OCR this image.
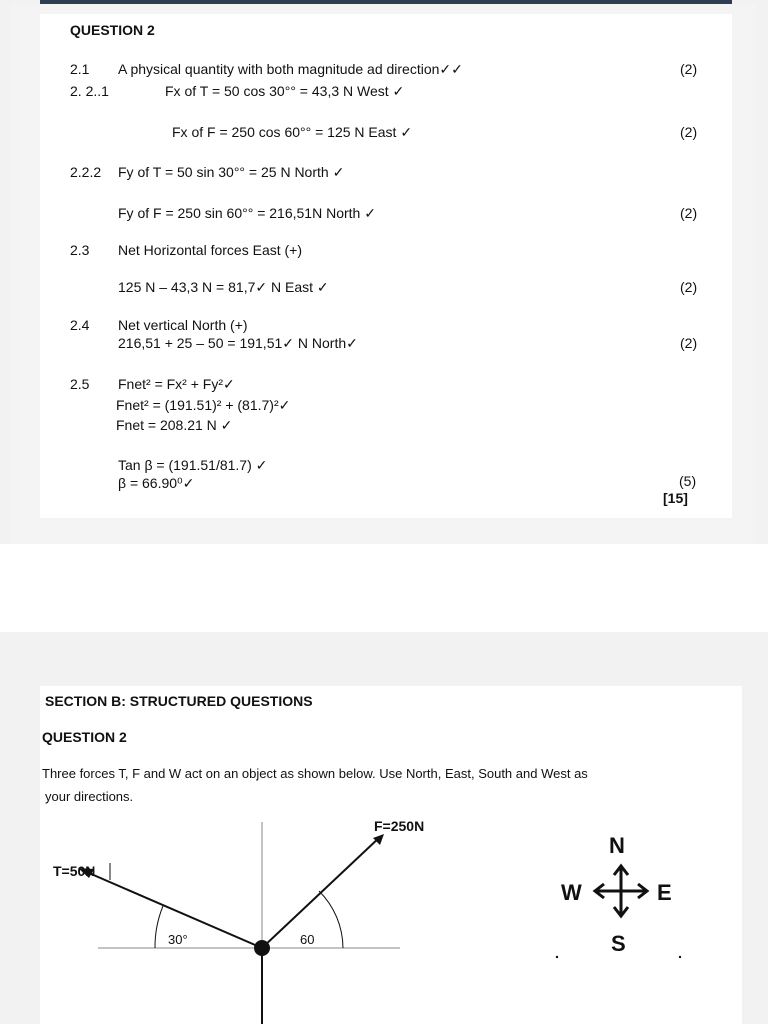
QUESTION 2
2.1 A physical quantity with both magnitude ad direction✓✓	(2)
2. 2..1	Fx of T = 50 cos 30°° = 43,3 N West ✓
Fx of F = 250 cos 60°° = 125 N East ✓	(2)
2.2.2 Fy of T = 50 sin 30°° = 25 N North ✓
Fy of F = 250 sin 60°° = 216,51N North ✓	(2)
2.3 Net Horizontal forces East (+)
125 N – 43,3 N = 81,7✓ N East ✓	(2)
2.4 Net vertical North (+)
216,51 + 25 – 50 = 191,51✓ N North✓	(2)
2.5 Fnet² = Fx² + Fy²✓
Fnet² = (191.51)² + (81.7)²✓
Fnet = 208.21 N ✓
Tan β = (191.51/81.7) ✓
β = 66.90⁰✓	(5)
[15]
SECTION B: STRUCTURED QUESTIONS
QUESTION 2
Three forces T, F and W act on an object as shown below. Use North, East, South and West as
your directions.
T=50N
F=250N
30°	60
N
W	E
S
